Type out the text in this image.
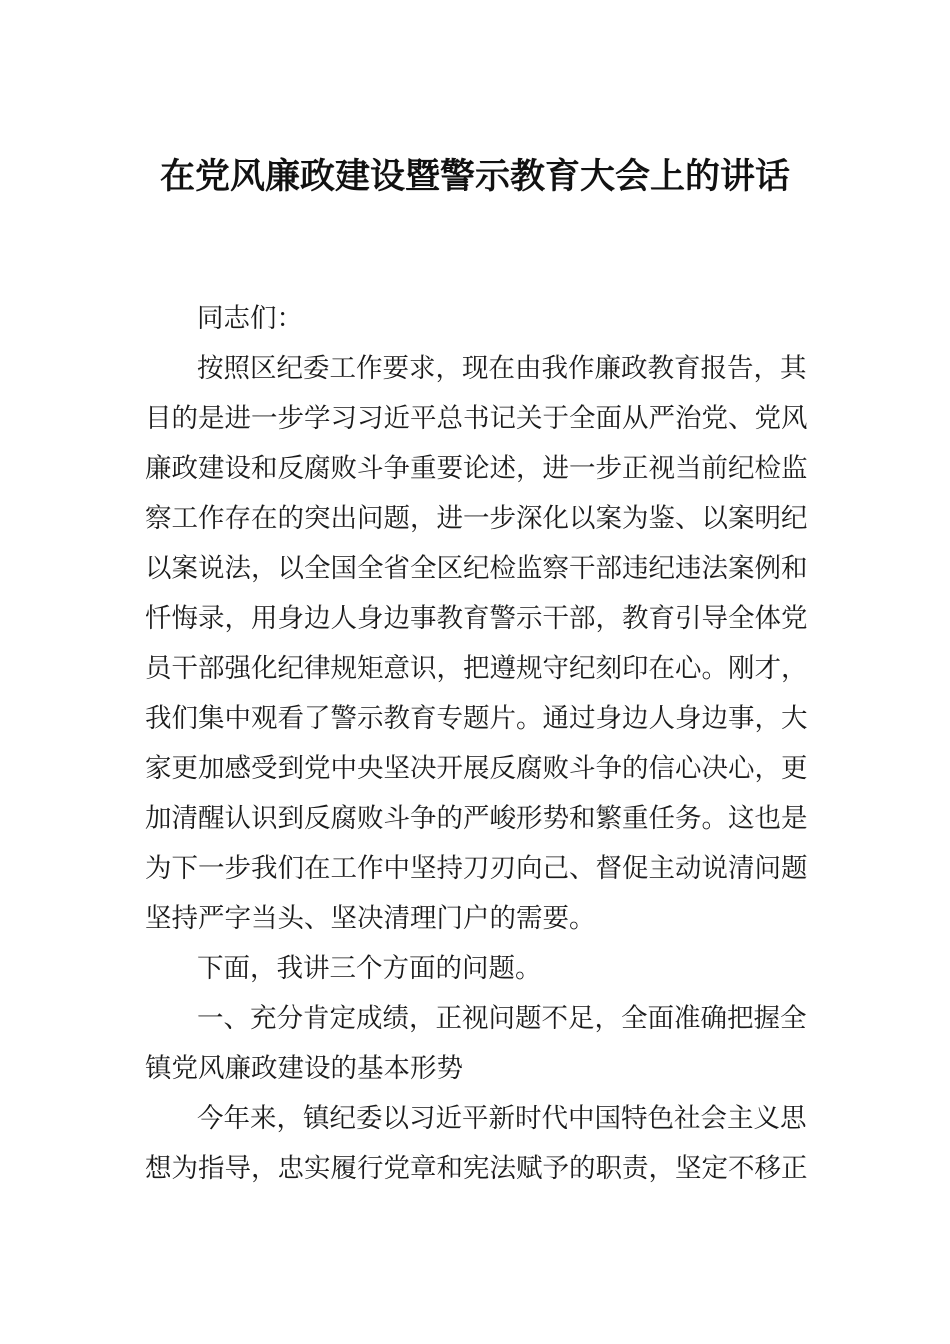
在党风廉政建设暨警示教育大会上的讲话
同志们：
按照区纪委工作要求，现在由我作廉政教育报告，其
目的是进一步学习习近平总书记关于全面从严治党、党风
廉政建设和反腐败斗争重要论述，进一步正视当前纪检监
察工作存在的突出问题，进一步深化以案为鉴、以案明纪
以案说法，以全国全省全区纪检监察干部违纪违法案例和
忏悔录，用身边人身边事教育警示干部，教育引导全体党
员干部强化纪律规矩意识，把遵规守纪刻印在心。刚才，
我们集中观看了警示教育专题片。通过身边人身边事，大
家更加感受到党中央坚决开展反腐败斗争的信心决心，更
加清醒认识到反腐败斗争的严峻形势和繁重任务。这也是
为下一步我们在工作中坚持刀刃向己、督促主动说清问题
坚持严字当头、坚决清理门户的需要。
下面，我讲三个方面的问题。
一、充分肯定成绩，正视问题不足，全面准确把握全
镇党风廉政建设的基本形势
今年来，镇纪委以习近平新时代中国特色社会主义思
想为指导，忠实履行党章和宪法赋予的职责，坚定不移正
